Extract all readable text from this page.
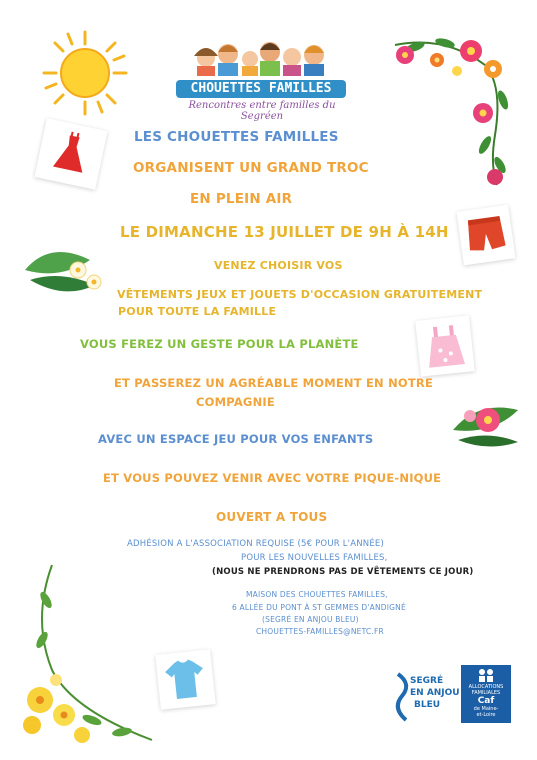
CHOUETTES FAMILLES
Rencontres entre familles du Segréen
LES CHOUETTES FAMILLES
ORGANISENT UN GRAND TROC
EN PLEIN AIR
LE DIMANCHE 13 JUILLET DE 9H À 14H
VENEZ CHOISIR VOS
VÊTEMENTS JEUX ET JOUETS D'OCCASION GRATUITEMENT
POUR TOUTE LA FAMILLE
VOUS FEREZ UN GESTE POUR LA PLANÈTE
ET PASSEREZ UN AGRÉABLE MOMENT EN NOTRE
COMPAGNIE
AVEC UN ESPACE JEU POUR VOS ENFANTS
ET VOUS POUVEZ VENIR AVEC VOTRE PIQUE-NIQUE
OUVERT A TOUS
ADHÉSION A L'ASSOCIATION REQUISE (5€ POUR L'ANNÉE)
POUR LES NOUVELLES FAMILLES,
(NOUS NE PRENDRONS PAS DE VÊTEMENTS CE JOUR)
MAISON DES CHOUETTES FAMILLES,
6 ALLÉE DU PONT À ST GEMMES D'ANDIGNÉ
(SEGRÉ EN ANJOU BLEU)
CHOUETTES-FAMILLES@NETC.FR
SEGRÉ
EN ANJOU
BLEU
ALLOCATIONS
FAMILIALES
Caf
de Maine-
et-Loire
